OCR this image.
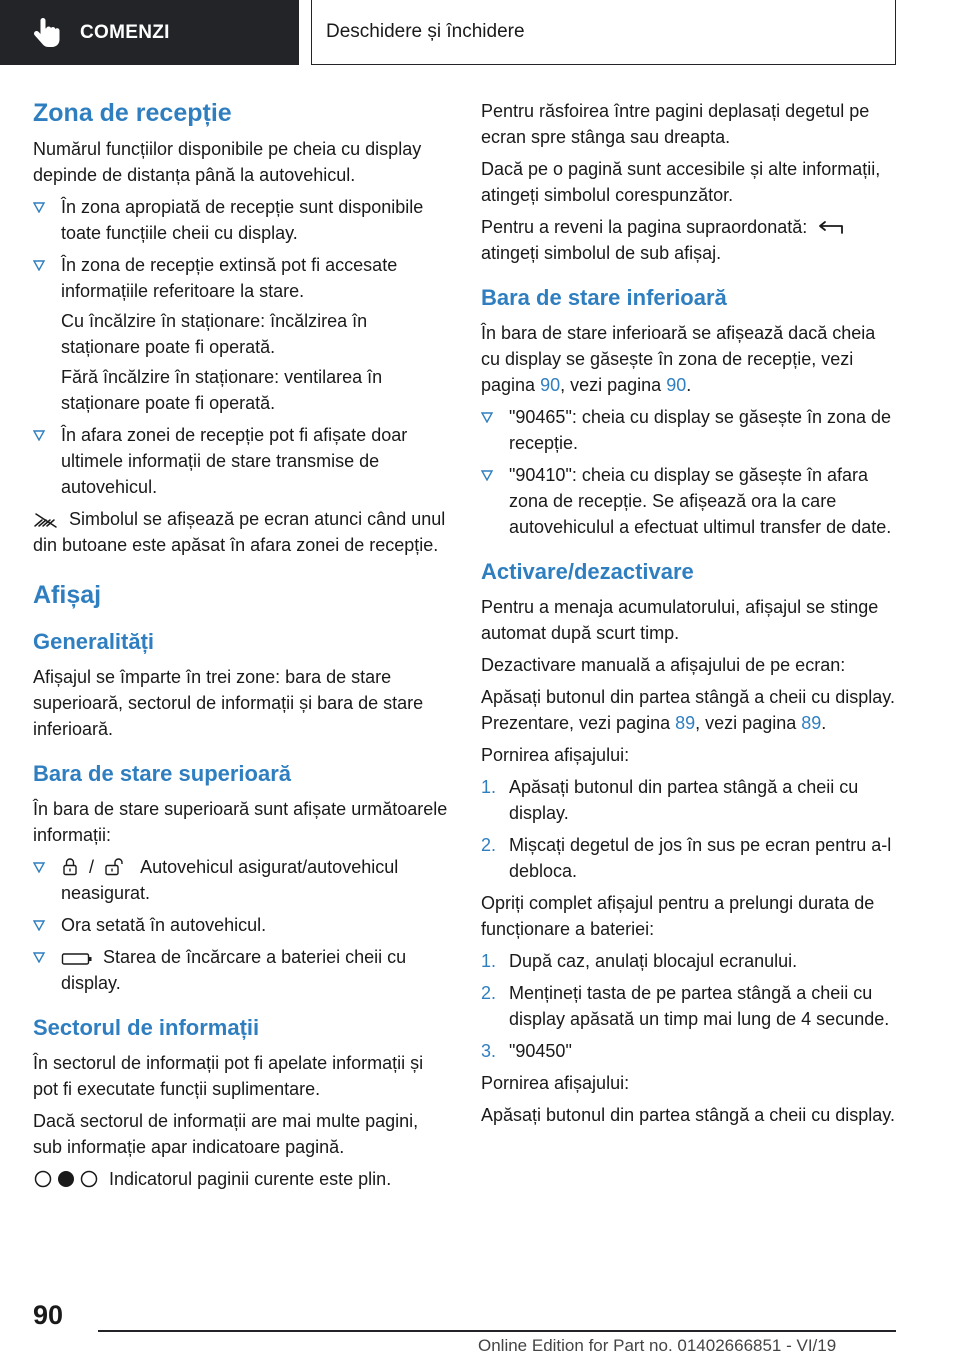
COMENZI	Deschidere și închidere
Zona de recepție
Numărul funcțiilor disponibile pe cheia cu display depinde de distanța până la autovehicul.
În zona apropiată de recepție sunt disponibile toate funcțiile cheii cu display.
În zona de recepție extinsă pot fi accesate informațiile referitoare la stare.
Cu încălzire în staționare: încălzirea în staționare poate fi operată.
Fără încălzire în staționare: ventilarea în staționare poate fi operată.
În afara zonei de recepție pot fi afișate doar ultimele informații de stare transmise de autovehicul.
Simbolul se afișează pe ecran atunci când unul din butoane este apăsat în afara zonei de recepție.
Afișaj
Generalități
Afișajul se împarte în trei zone: bara de stare superioară, sectorul de informații și bara de stare inferioară.
Bara de stare superioară
În bara de stare superioară sunt afișate următoarele informații:
/	Autovehicul asigurat/autovehicul neasigurat.
Ora setată în autovehicul.
Starea de încărcare a bateriei cheii cu display.
Sectorul de informații
În sectorul de informații pot fi apelate informații și pot fi executate funcții suplimentare.
Dacă sectorul de informații are mai multe pagini, sub informație apar indicatoare pagină.
Indicatorul paginii curente este plin.
Pentru răsfoirea între pagini deplasați degetul pe ecran spre stânga sau dreapta.
Dacă pe o pagină sunt accesibile și alte informații, atingeți simbolul corespunzător.
Pentru a reveni la pagina supraordonată:
atingeți simbolul de sub afișaj.
Bara de stare inferioară
În bara de stare inferioară se afișează dacă cheia cu display se găsește în zona de recepție, vezi pagina 90, vezi pagina 90.
"90465": cheia cu display se găsește în zona de recepție.
"90410": cheia cu display se găsește în afara zona de recepție. Se afișează ora la care autovehiculul a efectuat ultimul transfer de date.
Activare/dezactivare
Pentru a menaja acumulatorului, afișajul se stinge automat după scurt timp.
Dezactivare manuală a afișajului de pe ecran:
Apăsați butonul din partea stângă a cheii cu display. Prezentare, vezi pagina 89, vezi pagina 89.
Pornirea afișajului:
1. Apăsați butonul din partea stângă a cheii cu display.
2. Mișcați degetul de jos în sus pe ecran pentru a-l debloca.
Opriți complet afișajul pentru a prelungi durata de funcționare a bateriei:
1. După caz, anulați blocajul ecranului.
2. Mențineți tasta de pe partea stângă a cheii cu display apăsată un timp mai lung de 4 secunde.
3. "90450"
Pornirea afișajului:
Apăsați butonul din partea stângă a cheii cu display.
90
Online Edition for Part no. 01402666851 - VI/19
